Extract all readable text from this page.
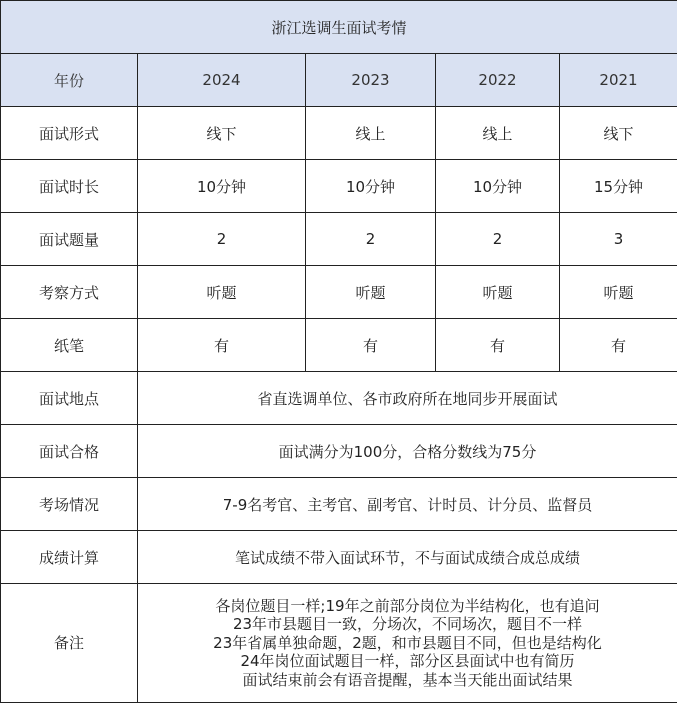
浙江选调生面试考情				
年份	2024	2023	2022	2021
面试形式	线下	线上	线上	线下
面试时长	10分钟	10分钟	10分钟	15分钟
面试题量	2	2	2	3
考察方式	听题	听题	听题	听题
纸笔	有	有	有	有
面试地点	省直选调单位、各市政府所在地同步开展面试			
面试合格	面试满分为100分，合格分数线为75分			
考场情况	7-9名考官、主考官、副考官、计时员、计分员、监督员			
成绩计算	笔试成绩不带入面试环节，不与面试成绩合成总成绩			
备注	各岗位题目一样;19年之前部分岗位为半结构化，也有追问
23年市县题目一致，分场次，不同场次，题目不一样
23年省属单独命题，2题，和市县题目不同，但也是结构化
24年岗位面试题目一样，部分区县面试中也有简历
面试结束前会有语音提醒，基本当天能出面试结果			
